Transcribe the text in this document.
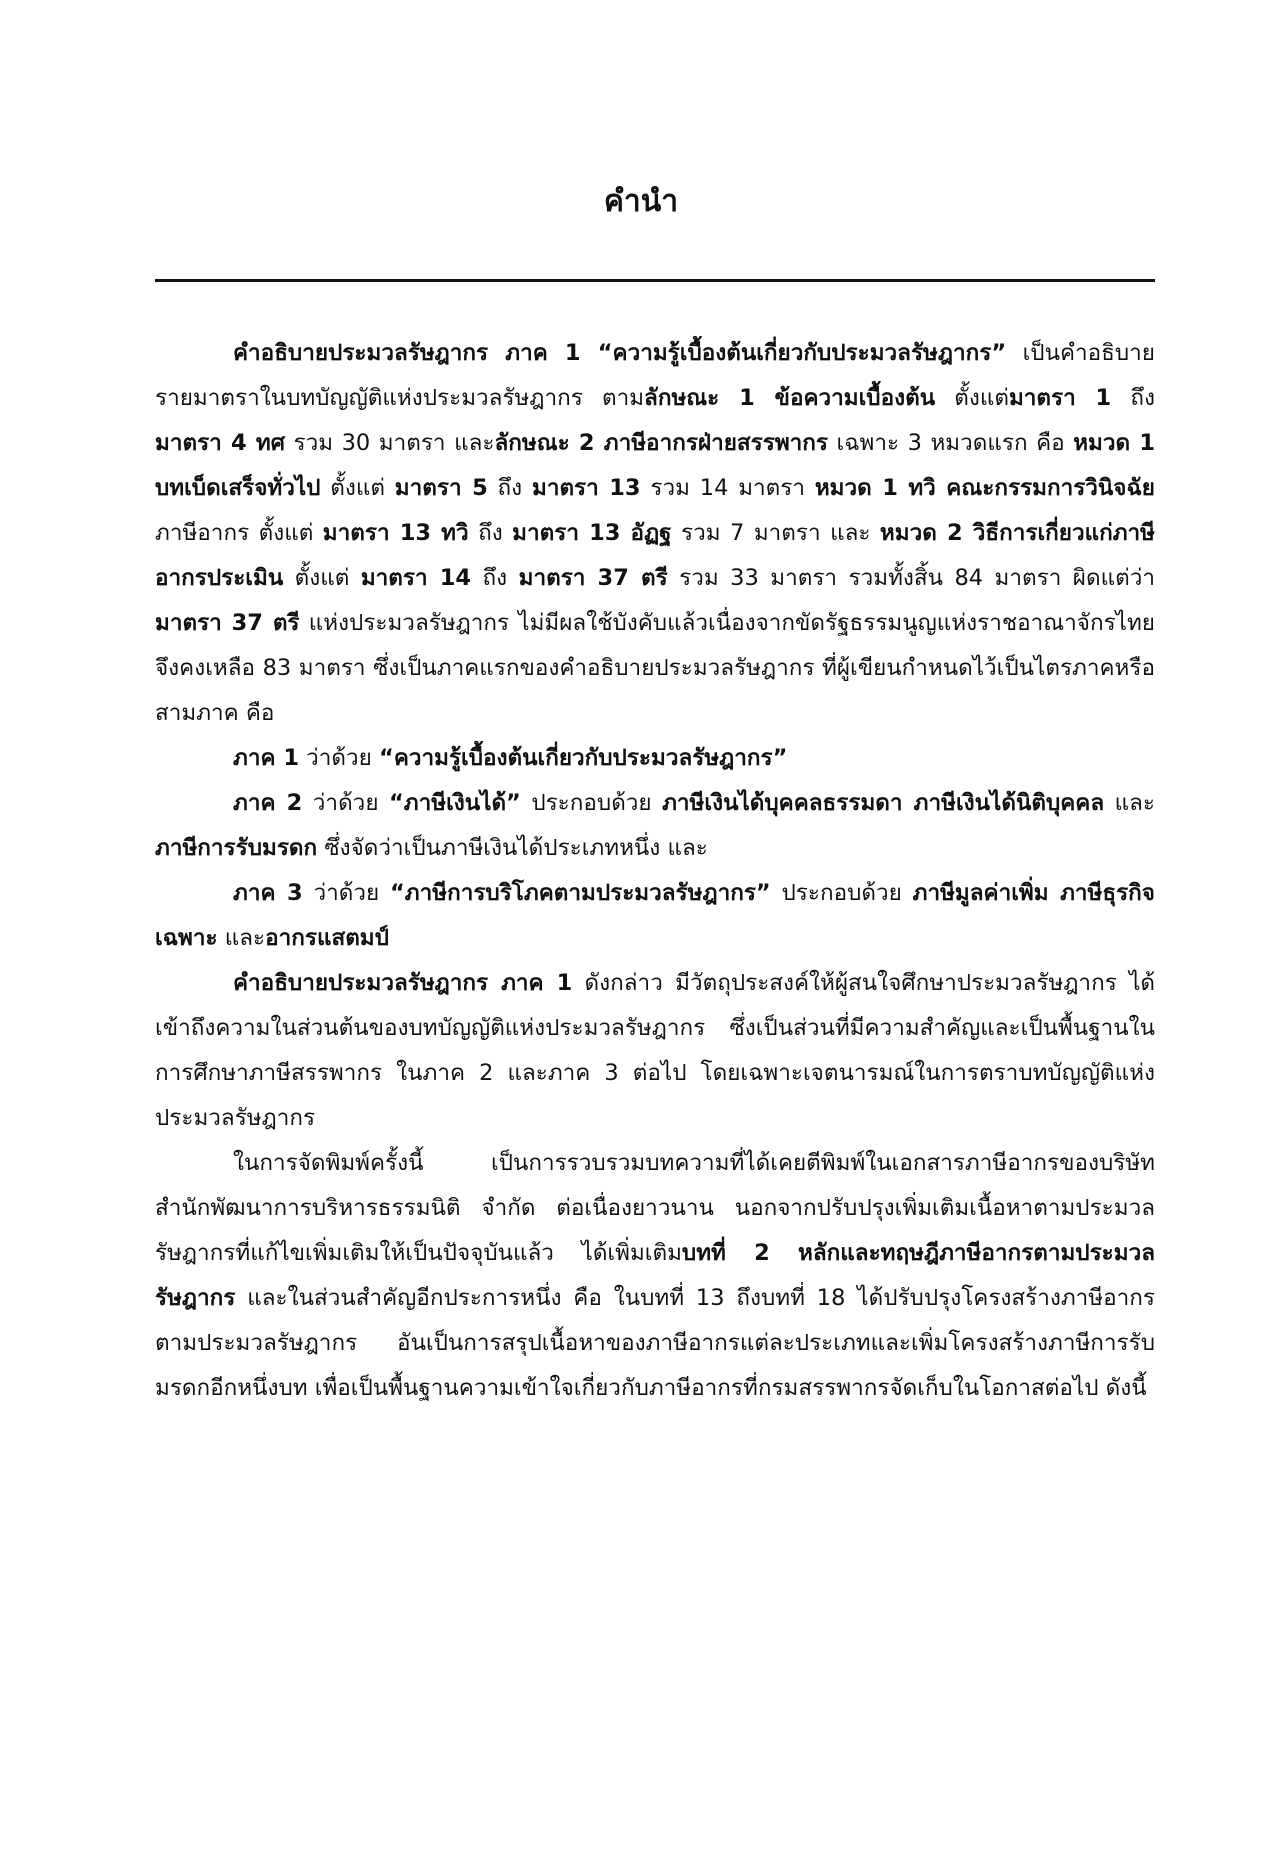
คำนำ

คำอธิบายประมวลรัษฎากร ภาค 1 “ความรู้เบื้องต้นเกี่ยวกับประมวลรัษฎากร” เป็นคำอธิบายรายมาตราในบทบัญญัติแห่งประมวลรัษฎากร ตามลักษณะ 1 ข้อความเบื้องต้น ตั้งแต่มาตรา 1 ถึง มาตรา 4 ทศ รวม 30 มาตรา และลักษณะ 2 ภาษีอากรฝ่ายสรรพากร เฉพาะ 3 หมวดแรก คือ หมวด 1 บทเบ็ดเสร็จทั่วไป ตั้งแต่ มาตรา 5 ถึง มาตรา 13 รวม 14 มาตรา หมวด 1 ทวิ คณะกรรมการวินิจฉัยภาษีอากร ตั้งแต่ มาตรา 13 ทวิ ถึง มาตรา 13 อัฏฐ รวม 7 มาตรา และ หมวด 2 วิธีการเกี่ยวแก่ภาษีอากรประเมิน ตั้งแต่ มาตรา 14 ถึง มาตรา 37 ตรี รวม 33 มาตรา รวมทั้งสิ้น 84 มาตรา ผิดแต่ว่ามาตรา 37 ตรี แห่งประมวลรัษฎากร ไม่มีผลใช้บังคับแล้วเนื่องจากขัดรัฐธรรมนูญแห่งราชอาณาจักรไทย จึงคงเหลือ 83 มาตรา ซึ่งเป็นภาคแรกของคำอธิบายประมวลรัษฎากร ที่ผู้เขียนกำหนดไว้เป็นไตรภาคหรือสามภาค คือ

ภาค 1 ว่าด้วย “ความรู้เบื้องต้นเกี่ยวกับประมวลรัษฎากร”

ภาค 2 ว่าด้วย “ภาษีเงินได้” ประกอบด้วย ภาษีเงินได้บุคคลธรรมดา ภาษีเงินได้นิติบุคคล และภาษีการรับมรดก ซึ่งจัดว่าเป็นภาษีเงินได้ประเภทหนึ่ง และ

ภาค 3 ว่าด้วย “ภาษีการบริโภคตามประมวลรัษฎากร” ประกอบด้วย ภาษีมูลค่าเพิ่ม ภาษีธุรกิจเฉพาะ และอากรแสตมป์

คำอธิบายประมวลรัษฎากร ภาค 1 ดังกล่าว มีวัตถุประสงค์ให้ผู้สนใจศึกษาประมวลรัษฎากร ได้เข้าถึงความในส่วนต้นของบทบัญญัติแห่งประมวลรัษฎากร ซึ่งเป็นส่วนที่มีความสำคัญและเป็นพื้นฐานในการศึกษาภาษีสรรพากร ในภาค 2 และภาค 3 ต่อไป โดยเฉพาะเจตนารมณ์ในการตราบทบัญญัติแห่งประมวลรัษฎากร

ในการจัดพิมพ์ครั้งนี้ เป็นการรวบรวมบทความที่ได้เคยตีพิมพ์ในเอกสารภาษีอากรของบริษัท สำนักพัฒนาการบริหารธรรมนิติ จำกัด ต่อเนื่องยาวนาน นอกจากปรับปรุงเพิ่มเติมเนื้อหาตามประมวลรัษฎากรที่แก้ไขเพิ่มเติมให้เป็นปัจจุบันแล้ว ได้เพิ่มเติมบทที่ 2 หลักและทฤษฎีภาษีอากรตามประมวลรัษฎากร และในส่วนสำคัญอีกประการหนึ่ง คือ ในบทที่ 13 ถึงบทที่ 18 ได้ปรับปรุงโครงสร้างภาษีอากรตามประมวลรัษฎากร อันเป็นการสรุปเนื้อหาของภาษีอากรแต่ละประเภทและเพิ่มโครงสร้างภาษีการรับมรดกอีกหนึ่งบท เพื่อเป็นพื้นฐานความเข้าใจเกี่ยวกับภาษีอากรที่กรมสรรพากรจัดเก็บในโอกาสต่อไป ดังนี้
